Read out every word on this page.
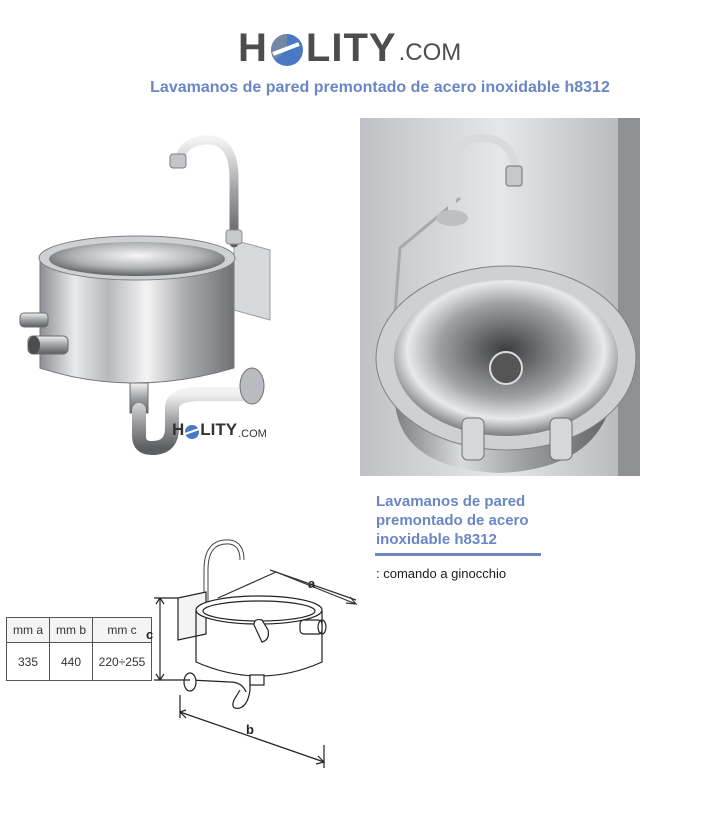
H LITY .COM
Lavamanos de pared premontado de acero inoxidable h8312
H LITY .COM
Lavamanos de pared
premontado de acero
inoxidable h8312
: comando a ginocchio
mm a	mm b	mm c
335	440	220÷255
a
c
b
